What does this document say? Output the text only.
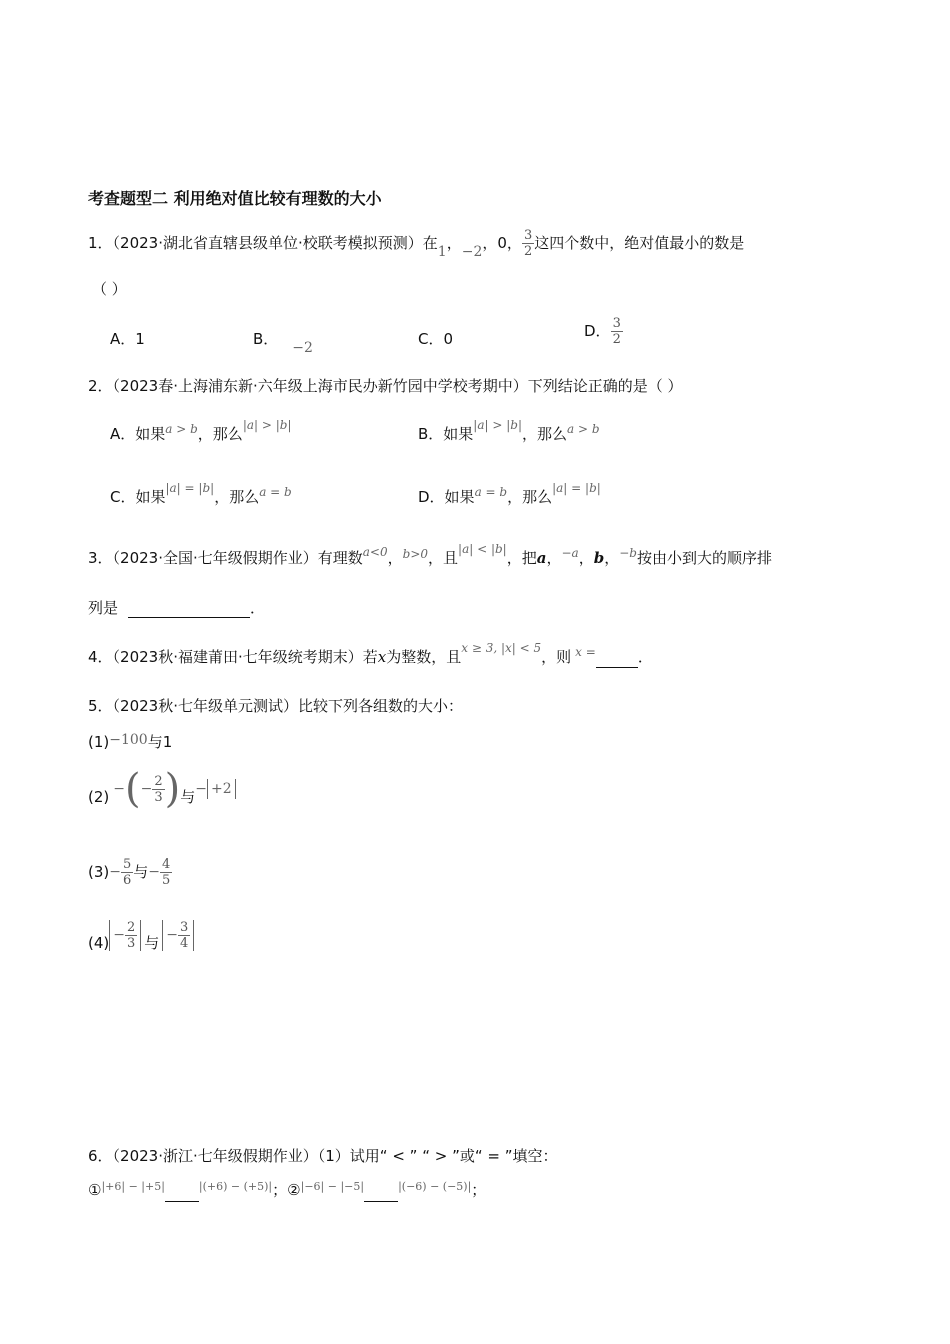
考查题型二 利用绝对值比较有理数的大小
1．（2023·湖北省直辖县级单位·校联考模拟预测）在1，−2，0， $\frac{3}{2}$ 这四个数中，绝对值最小的数是
（ ）
A．1	B． −2	C．0	D． $\frac{3}{2}$
2．（2023春·上海浦东新·六年级上海市民办新竹园中学校考期中）下列结论正确的是（ ）
A．如果$^{a > b}$，那么$^{|a| > |b|}$	B．如果$^{|a| > |b|}$，那么$^{a > b}$
C．如果$^{|a| = |b|}$，那么$^{a = b}$	D．如果$^{a = b}$，那么$^{|a| = |b|}$
3．（2023·全国·七年级假期作业）有理数$^{a<0}$，$^{b>0}$，且$^{|a| < |b|}$，把a，$^{-a}$，b，$^{-b}$按由小到大的顺序排
列是	．
4．（2023秋·福建莆田·七年级统考期末）若x为整数，且$^{x \ge 3, |x| < 5}$，则 $^{x =}$	．
5．（2023秋·七年级单元测试）比较下列各组数的大小：
(1)−100与1
(2) − ( − $\frac{2}{3}$ ) 与 − +2
$(3) - \frac{5}{6}$ 与 − $\frac{4}{5}$
$(4) - \frac{2}{3}$ 与 − $\frac{3}{4}$
6．（2023·浙江·七年级假期作业）（1）试用“ < ” “ > ”或“ = ”填空：
①$^{|+6| - |+5|}$	$^{|(+6) - (+5)|}$；②$^{|-6| - |-5|}$	$^{|(-6) - (-5)|}$；
